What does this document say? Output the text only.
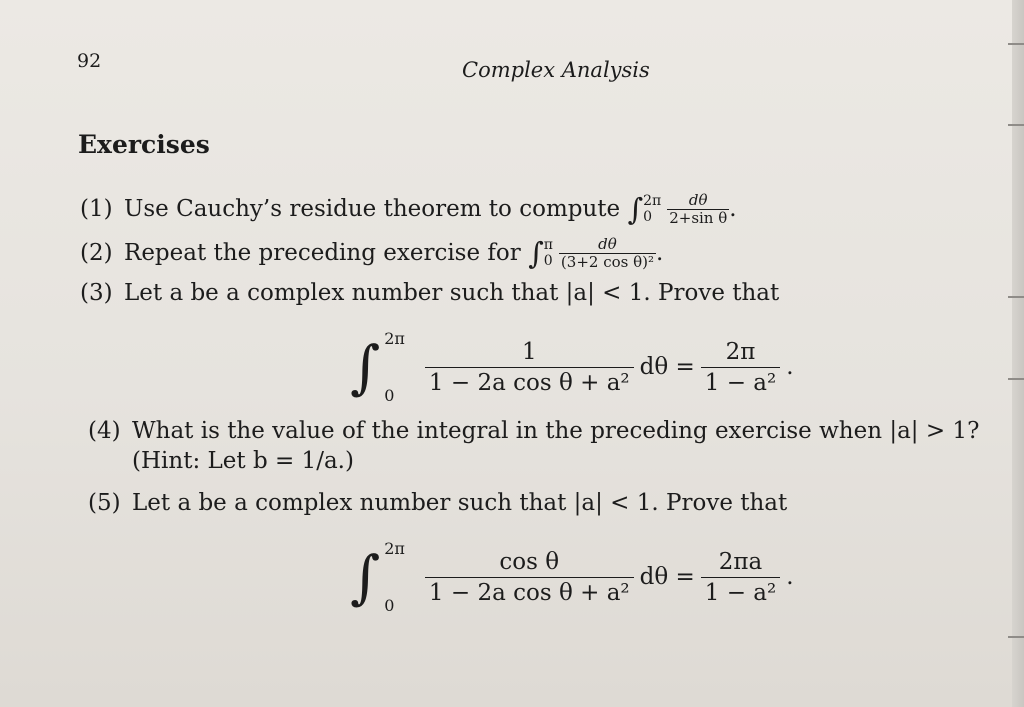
92	Complex Analysis
Exercises
(1) Use Cauchy’s residue theorem to compute ∫ 2π
0	$\frac{d\theta}{\text{2+sin θ}}$ .
(2) Repeat the preceding exercise for ∫ π
$0 \frac{d\theta}{\text{(3+2 cos θ)²}}$ .
(3) Let a be a complex number such that |a| < 1. Prove that
∫ 2π
0	$\frac{1}{\text{1 − 2a cos θ + a²}}$ $d\theta = \frac{2\pi}{\text{1 − a²}}$ .
(4) What is the value of the integral in the preceding exercise when |a| > 1?
(Hint: Let b = 1/a.)
(5) Let a be a complex number such that |a| < 1. Prove that
∫ 2π
0	$\frac{\text{cos θ}}{\text{1 − 2a cos θ + a²}}$ $d\theta = \frac{2\pi a}{\text{1 − a²}}$ .
